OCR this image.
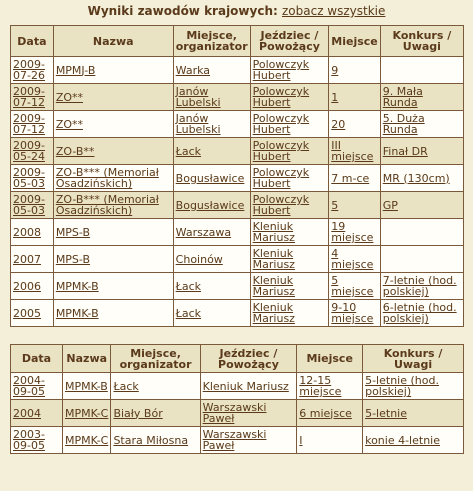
Wyniki zawodów krajowych: zobacz wszystkie
Data	Nazwa	Miejsce, organizator	Jeździec / Powożący	Miejsce	Konkurs / Uwagi
2009-07-26	MPMJ-B	Warka	Polowczyk Hubert	9	
2009-07-12	ZO**	Janów Lubelski	Polowczyk Hubert	1	9. Mała Runda
2009-07-12	ZO**	Janów Lubelski	Polowczyk Hubert	20	5. Duża Runda
2009-05-24	ZO-B**	Łack	Polowczyk Hubert	III miejsce	Finał DR
2009-05-03	ZO-B*** (Memoriał Osadzińskich)	Bogusławice	Polowczyk Hubert	7 m-ce	MR (130cm)
2009-05-03	ZO-B*** (Memoriał Osadzińskich)	Bogusławice	Polowczyk Hubert	5	GP
2008	MPS-B	Warszawa	Kleniuk Mariusz	19 miejsce	
2007	MPS-B	Choinów	Kleniuk Mariusz	4 miejsce	
2006	MPMK-B	Łack	Kleniuk Mariusz	5 miejsce	7-letnie (hod. polskiej)
2005	MPMK-B	Łack	Kleniuk Mariusz	9-10 miejsce	6-letnie (hod. polskiej)
Data	Nazwa	Miejsce, organizator	Jeździec / Powożący	Miejsce	Konkurs / Uwagi
2004-09-05	MPMK-B	Łack	Kleniuk Mariusz	12-15 miejsce	5-letnie (hod. polskiej)
2004	MPMK-C	Biały Bór	Warszawski Paweł	6 miejsce	5-letnie
2003-09-05	MPMK-C	Stara Miłosna	Warszawski Paweł	I	konie 4-letnie
